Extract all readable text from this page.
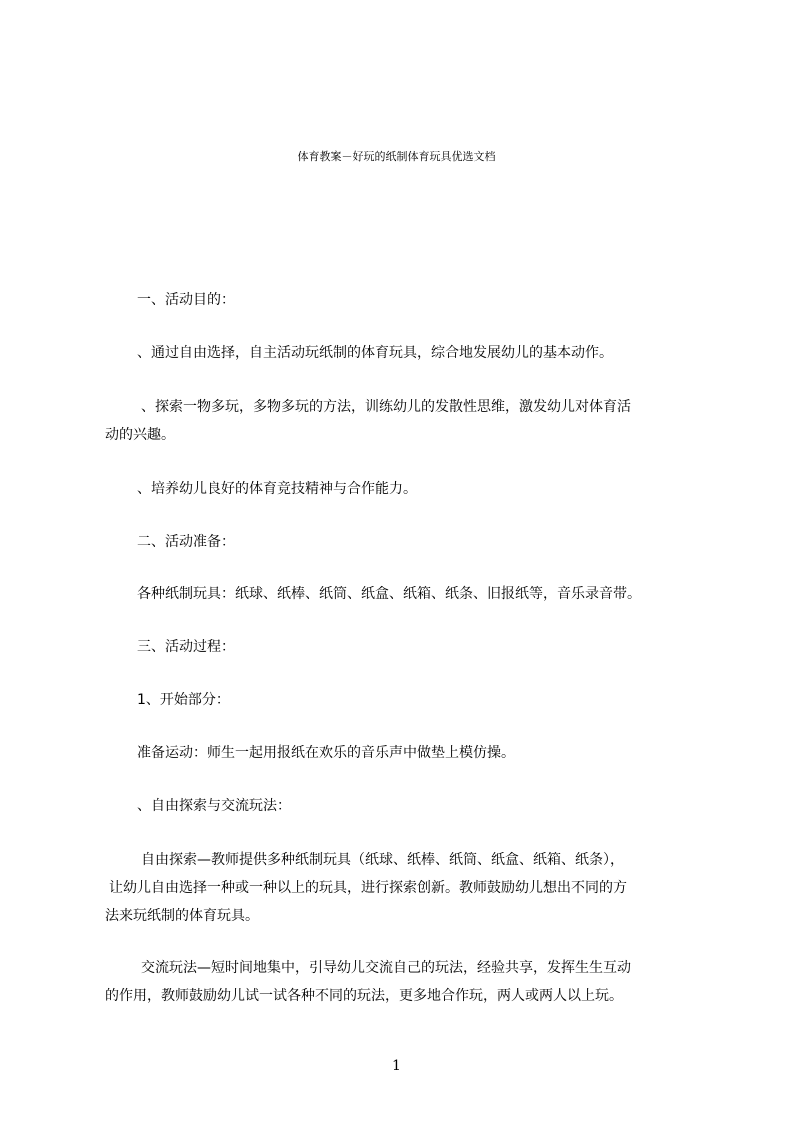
体育教案－好玩的纸制体育玩具优选文档
一、活动目的：
、通过自由选择，自主活动玩纸制的体育玩具，综合地发展幼儿的基本动作。
、探索一物多玩，多物多玩的方法，训练幼儿的发散性思维，激发幼儿对体育活
动的兴趣。
、培养幼儿良好的体育竞技精神与合作能力。
二、活动准备：
各种纸制玩具：纸球、纸棒、纸筒、纸盒、纸箱、纸条、旧报纸等，音乐录音带。
三、活动过程：
1、开始部分：
准备运动：师生一起用报纸在欢乐的音乐声中做垫上模仿操。
、自由探索与交流玩法：
自由探索—教师提供多种纸制玩具（纸球、纸棒、纸筒、纸盒、纸箱、纸条），
让幼儿自由选择一种或一种以上的玩具，进行探索创新。教师鼓励幼儿想出不同的方
法来玩纸制的体育玩具。
交流玩法—短时间地集中，引导幼儿交流自己的玩法，经验共享，发挥生生互动
的作用，教师鼓励幼儿试一试各种不同的玩法，更多地合作玩，两人或两人以上玩。
1
